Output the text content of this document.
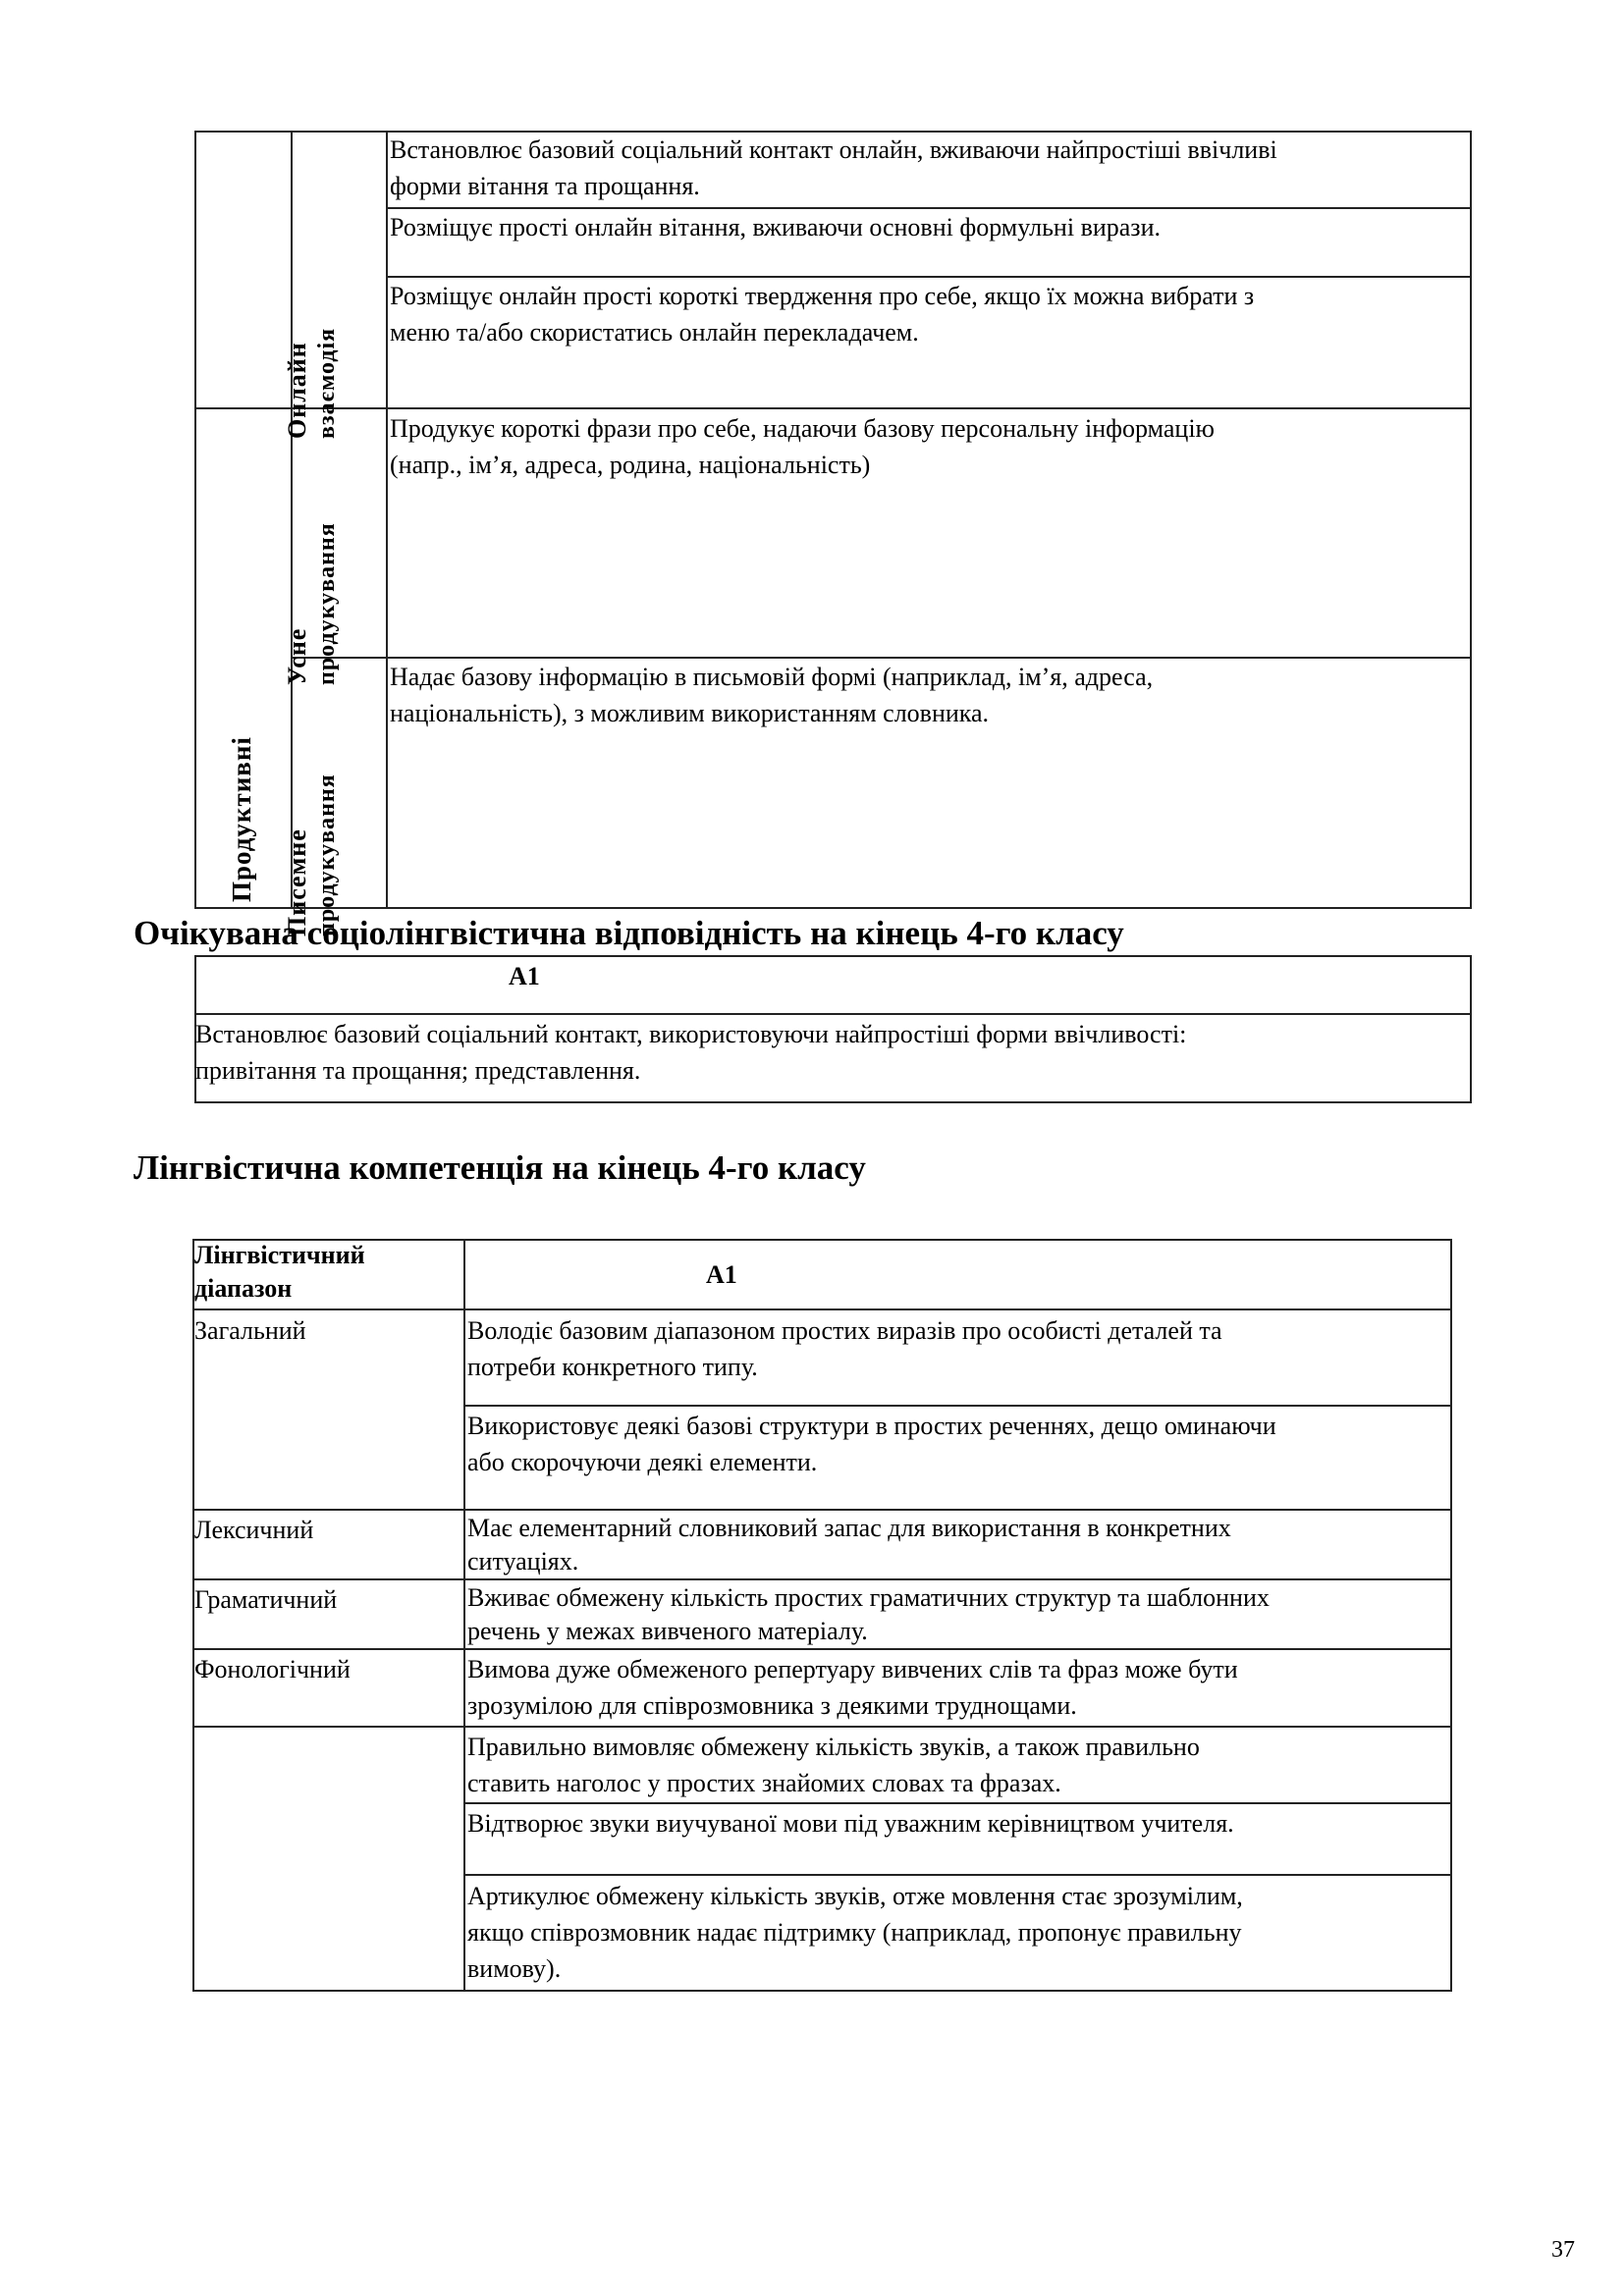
Продуктивні
Онлайн взаємодія
Усне продукування
Писемне продукування
Встановлює базовий соціальний контакт онлайн, вживаючи найпростіші ввічливі
форми вітання та прощання.
Розміщує прості онлайн вітання, вживаючи основні формульні вирази.
Розміщує онлайн прості короткі твердження про себе, якщо їх можна вибрати з
меню та/або скористатись онлайн перекладачем.
Продукує короткі фрази про себе, надаючи базову персональну інформацію
(напр., ім’я, адреса, родина, національність)
Надає базову інформацію в письмовій формі (наприклад, ім’я, адреса,
національність), з можливим використанням словника.
Очікувана соціолінгвістична відповідність на кінець 4-го класу
A1
Встановлює базовий соціальний контакт, використовуючи найпростіші форми ввічливості:
привітання та прощання; представлення.
Лінгвістична компетенція на кінець 4-го класу
Лінгвістичний
діапазон	A1
Загальний
Лексичний
Граматичний
Фонологічний
Володіє базовим діапазоном простих виразів про особисті деталей та
потреби конкретного типу.
Використовує деякі базові структури в простих реченнях, дещо оминаючи
або скорочуючи деякі елементи.
Має елементарний словниковий запас для використання в конкретних
ситуаціях.
Вживає обмежену кількість простих граматичних структур та шаблонних
речень у межах вивченого матеріалу.
Вимова дуже обмеженого репертуару вивчених слів та фраз може бути
зрозумілою для співрозмовника з деякими труднощами.
Правильно вимовляє обмежену кількість звуків, а також правильно
ставить наголос у простих знайомих словах та фразах.
Відтворює звуки виучуваної мови під уважним керівництвом учителя.
Артикулює обмежену кількість звуків, отже мовлення стає зрозумілим,
якщо співрозмовник надає підтримку (наприклад, пропонує правильну
вимову).
37
